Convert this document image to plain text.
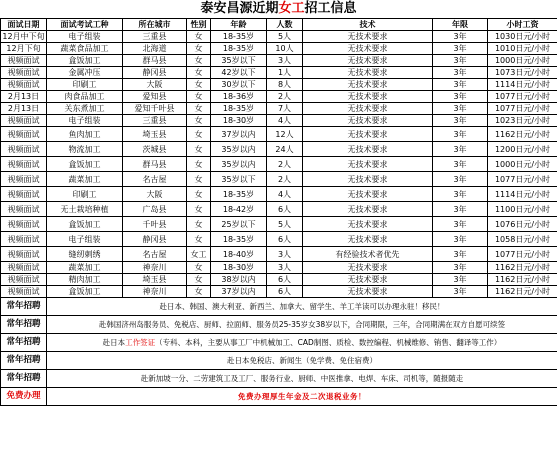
泰安昌源近期女工招工信息
面试日期	面试考试工种	所在城市	性别	年龄	人数	技术	年限	小时工资
12月中下旬	电子组装	三重县	女	18-35岁	5人	无技术要求	3年	1030日元/小时
12月下旬	蔬菜食品加工	北海道	女	18-35岁	10人	无技术要求	3年	1010日元/小时
视频面试	盒饭加工	群马县	女	35岁以下	3人	无技术要求	3年	1000日元/小时
视频面试	金属冲压	静冈县	女	42岁以下	1人	无技术要求	3年	1073日元/小时
视频面试	印刷工	大阪	女	30岁以下	8人	无技术要求	3年	1114日元/小时
2月13日	肉食品加工	爱知县	女	18-36岁	2人	无技术要求	3年	1077日元/小时
2月13日	关东煮加工	爱知千叶县	女	18-35岁	7人	无技术要求	3年	1077日元/小时
视频面试	电子组装	三重县	女	18-30岁	4人	无技术要求	3年	1023日元/小时
视频面试	鱼肉加工	埼玉县	女	37岁以内	12人	无技术要求	3年	1162日元/小时
视频面试	物流加工	茨城县	女	35岁以内	24人	无技术要求	3年	1200日元/小时
视频面试	盒饭加工	群马县	女	35岁以内	2人	无技术要求	3年	1000日元/小时
视频面试	蔬菜加工	名古屋	女	35岁以下	2人	无技术要求	3年	1077日元/小时
视频面试	印刷工	大阪	女	18-35岁	4人	无技术要求	3年	1114日元/小时
视频面试	无土栽培种植	广岛县	女	18-42岁	6人	无技术要求	3年	1100日元/小时
视频面试	盒饭加工	千叶县	女	25岁以下	5人	无技术要求	3年	1076日元/小时
视频面试	电子组装	静冈县	女	18-35岁	6人	无技术要求	3年	1058日元/小时
视频面试	缝纫刺绣	名古屋	女工	18-40岁	3人	有经验技术者优先	3年	1077日元/小时
视频面试	蔬菜加工	神奈川	女	18-30岁	3人	无技术要求	3年	1162日元/小时
视频面试	精肉加工	埼玉县	女	38岁以内	6人	无技术要求	3年	1162日元/小时
视频面试	盒饭加工	神奈川	女	37岁以内	6人	无技术要求	3年	1162日元/小时
常年招聘	赴日本、韩国、澳大利亚、新西兰、加拿大、留学生、羊工羊读可以办理永驻！移民！							
常年招聘	赴韩国济州岛服务员、免税店、厨师、拉面师、服务员25-35岁女38岁以下，合同期限，三年，合同期满在双方自愿可续签							
常年招聘	赴日本工作签证（专科、本科，主要从事工厂中机械加工、CAD制图、质检、数控编程、机械维修、销售、翻译等工作）							
常年招聘	赴日本免税店、新闻生（免学费、免住宿费）							
常年招聘	赴新加坡一分、二劳建筑工及工厂、服务行业、厨师、中医推拿、电焊、车床、司机等，随报随走							
免费办理	免费办理厚生年金及二次退税业务！							
